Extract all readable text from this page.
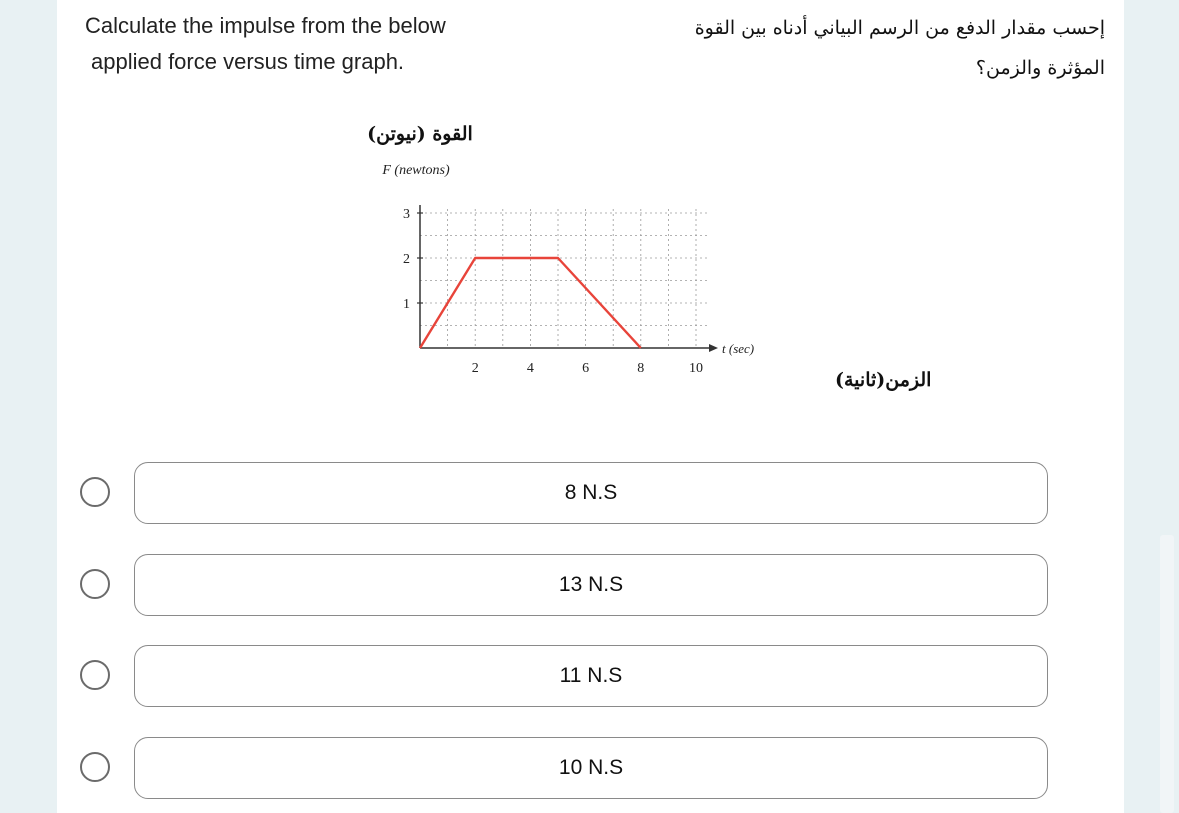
Calculate the impulse from the below
applied force versus time graph.
إحسب مقدار الدفع من الرسم البياني أدناه بين القوة
المؤثرة والزمن؟
2	4	6	8	10
1
2
3
القوة (نيوتن)
F (newtons)
t (sec)
الزمن(ثانية)
8 N.S
13 N.S
11 N.S
10 N.S
